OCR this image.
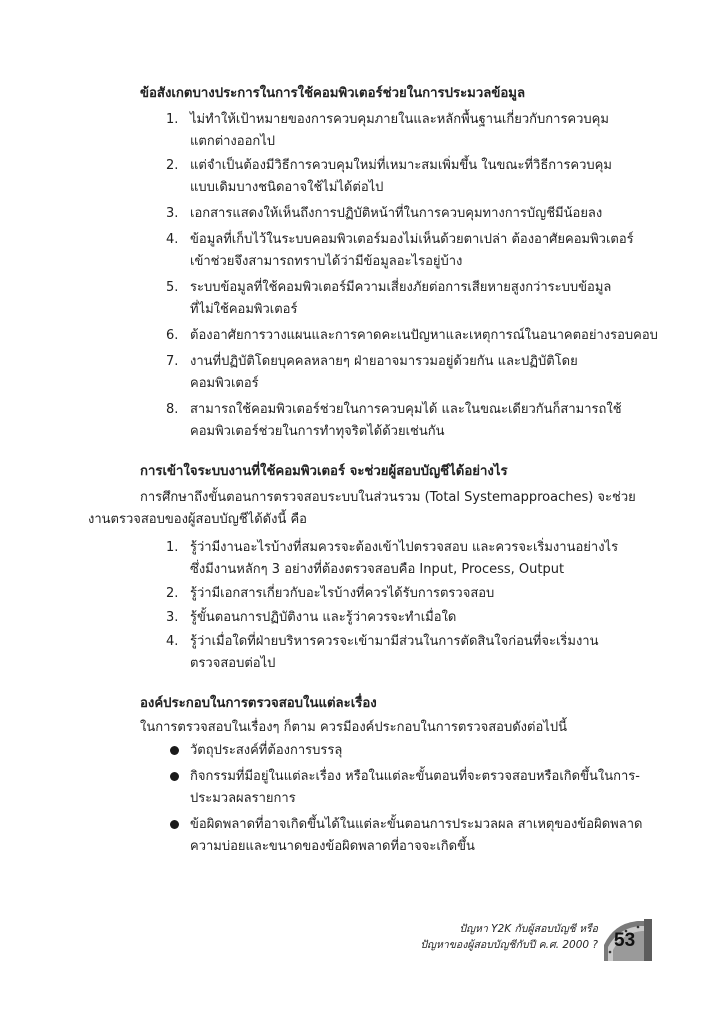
ข้อสังเกตบางประการในการใช้คอมพิวเตอร์ช่วยในการประมวลข้อมูล
1. ไม่ทำให้เป้าหมายของการควบคุมภายในและหลักพื้นฐานเกี่ยวกับการควบคุม
แตกต่างออกไป
2. แต่จำเป็นต้องมีวิธีการควบคุมใหม่ที่เหมาะสมเพิ่มขึ้น ในขณะที่วิธีการควบคุม
แบบเดิมบางชนิดอาจใช้ไม่ได้ต่อไป
3. เอกสารแสดงให้เห็นถึงการปฏิบัติหน้าที่ในการควบคุมทางการบัญชีมีน้อยลง
4. ข้อมูลที่เก็บไว้ในระบบคอมพิวเตอร์มองไม่เห็นด้วยตาเปล่า ต้องอาศัยคอมพิวเตอร์
เข้าช่วยจึงสามารถทราบได้ว่ามีข้อมูลอะไรอยู่บ้าง
5. ระบบข้อมูลที่ใช้คอมพิวเตอร์มีความเสี่ยงภัยต่อการเสียหายสูงกว่าระบบข้อมูล
ที่ไม่ใช้คอมพิวเตอร์
6. ต้องอาศัยการวางแผนและการคาดคะเนปัญหาและเหตุการณ์ในอนาคตอย่างรอบคอบ
7. งานที่ปฏิบัติโดยบุคคลหลายๆ ฝ่ายอาจมารวมอยู่ด้วยกัน และปฏิบัติโดย
คอมพิวเตอร์
8. สามารถใช้คอมพิวเตอร์ช่วยในการควบคุมได้ และในขณะเดียวกันก็สามารถใช้
คอมพิวเตอร์ช่วยในการทำทุจริตได้ด้วยเช่นกัน
การเข้าใจระบบงานที่ใช้คอมพิวเตอร์ จะช่วยผู้สอบบัญชีได้อย่างไร
การศึกษาถึงขั้นตอนการตรวจสอบระบบในส่วนรวม (Total Systemapproaches) จะช่วย
งานตรวจสอบของผู้สอบบัญชีได้ดังนี้ คือ
1. รู้ว่ามีงานอะไรบ้างที่สมควรจะต้องเข้าไปตรวจสอบ และควรจะเริ่มงานอย่างไร
ซึ่งมีงานหลักๆ 3 อย่างที่ต้องตรวจสอบคือ Input, Process, Output
2. รู้ว่ามีเอกสารเกี่ยวกับอะไรบ้างที่ควรได้รับการตรวจสอบ
3. รู้ขั้นตอนการปฏิบัติงาน และรู้ว่าควรจะทำเมื่อใด
4. รู้ว่าเมื่อใดที่ฝ่ายบริหารควรจะเข้ามามีส่วนในการตัดสินใจก่อนที่จะเริ่มงาน
ตรวจสอบต่อไป
องค์ประกอบในการตรวจสอบในแต่ละเรื่อง
ในการตรวจสอบในเรื่องๆ ก็ตาม ควรมีองค์ประกอบในการตรวจสอบดังต่อไปนี้
วัตถุประสงค์ที่ต้องการบรรลุ
กิจกรรมที่มีอยู่ในแต่ละเรื่อง หรือในแต่ละขั้นตอนที่จะตรวจสอบหรือเกิดขึ้นในการ-
ประมวลผลรายการ
ข้อผิดพลาดที่อาจเกิดขึ้นได้ในแต่ละขั้นตอนการประมวลผล สาเหตุของข้อผิดพลาด
ความบ่อยและขนาดของข้อผิดพลาดที่อาจจะเกิดขึ้น
ปัญหา Y2K กับผู้สอบบัญชี หรือ
ปัญหาของผู้สอบบัญชีกับปี ค.ศ. 2000 ? 53
